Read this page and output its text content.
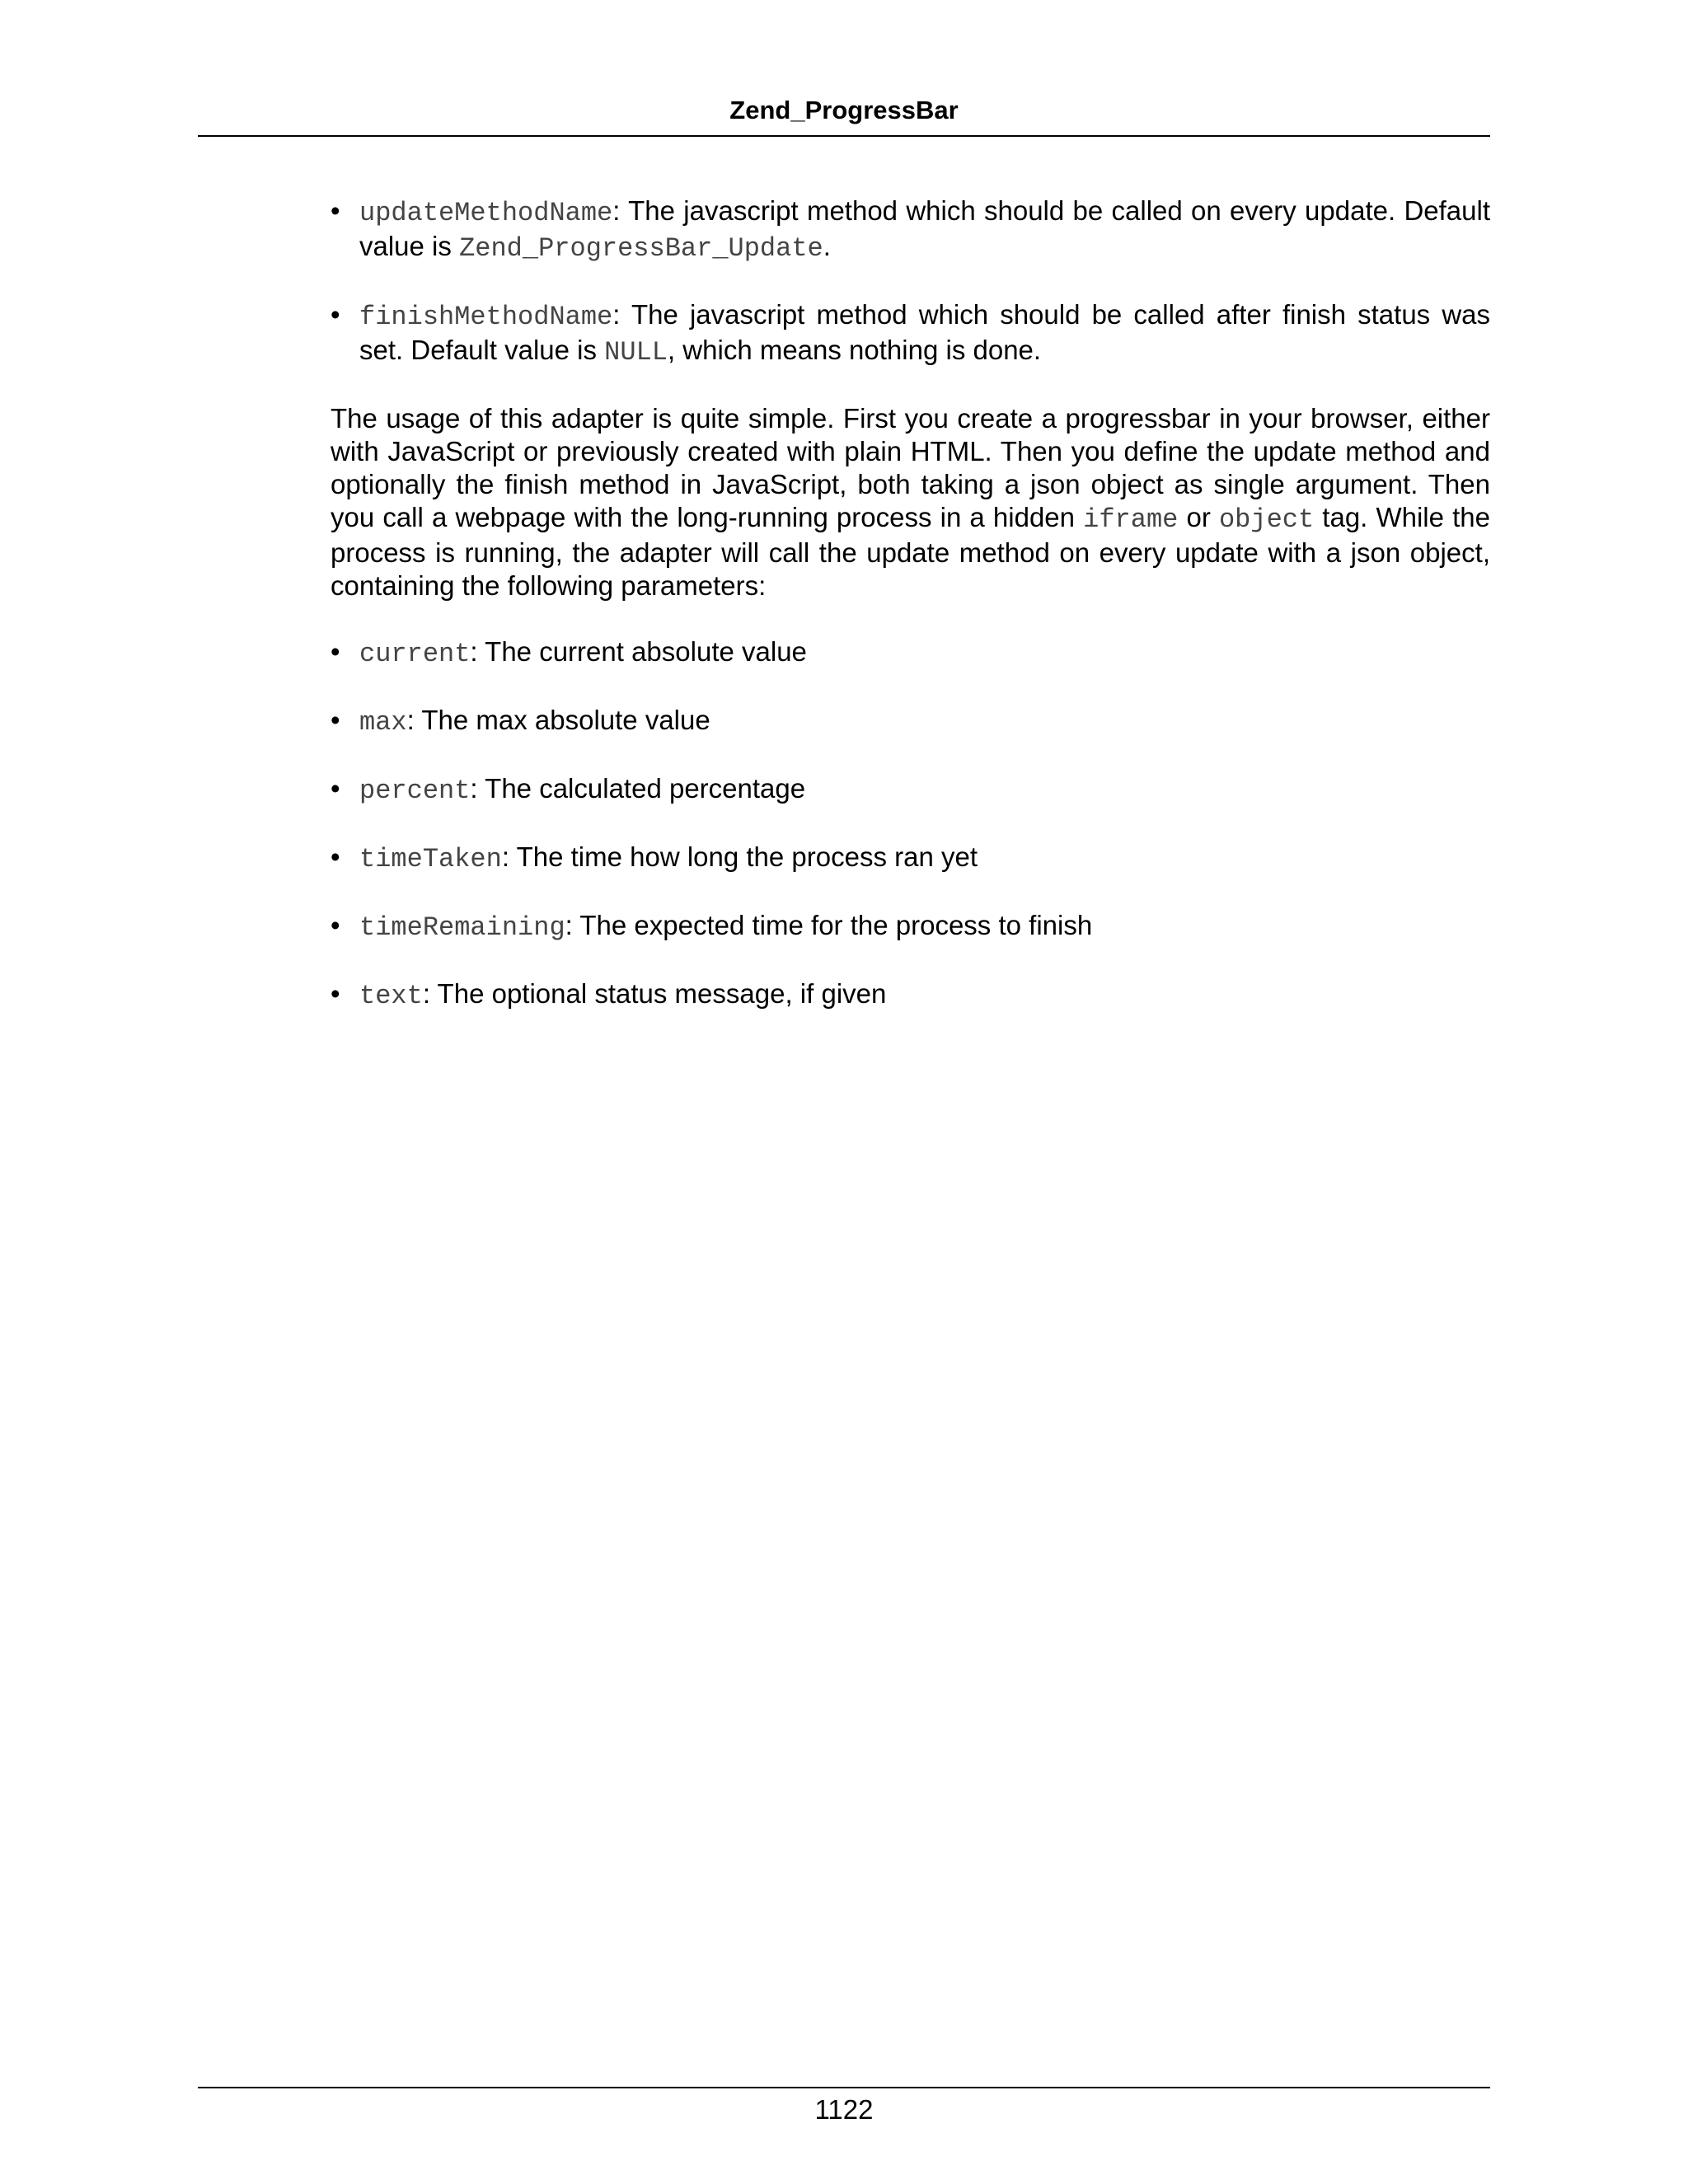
Zend_ProgressBar
• updateMethodName: The javascript method which should be called on every update. Default value is Zend_ProgressBar_Update.
• finishMethodName: The javascript method which should be called after finish status was set. Default value is NULL, which means nothing is done.

The usage of this adapter is quite simple. First you create a progressbar in your browser, either with JavaScript or previously created with plain HTML. Then you define the update method and optionally the finish method in JavaScript, both taking a json object as single argument. Then you call a webpage with the long-running process in a hidden iframe or object tag. While the process is running, the adapter will call the update method on every update with a json object, containing the following parameters:

• current: The current absolute value
• max: The max absolute value
• percent: The calculated percentage
• timeTaken: The time how long the process ran yet
• timeRemaining: The expected time for the process to finish
• text: The optional status message, if given
1122
